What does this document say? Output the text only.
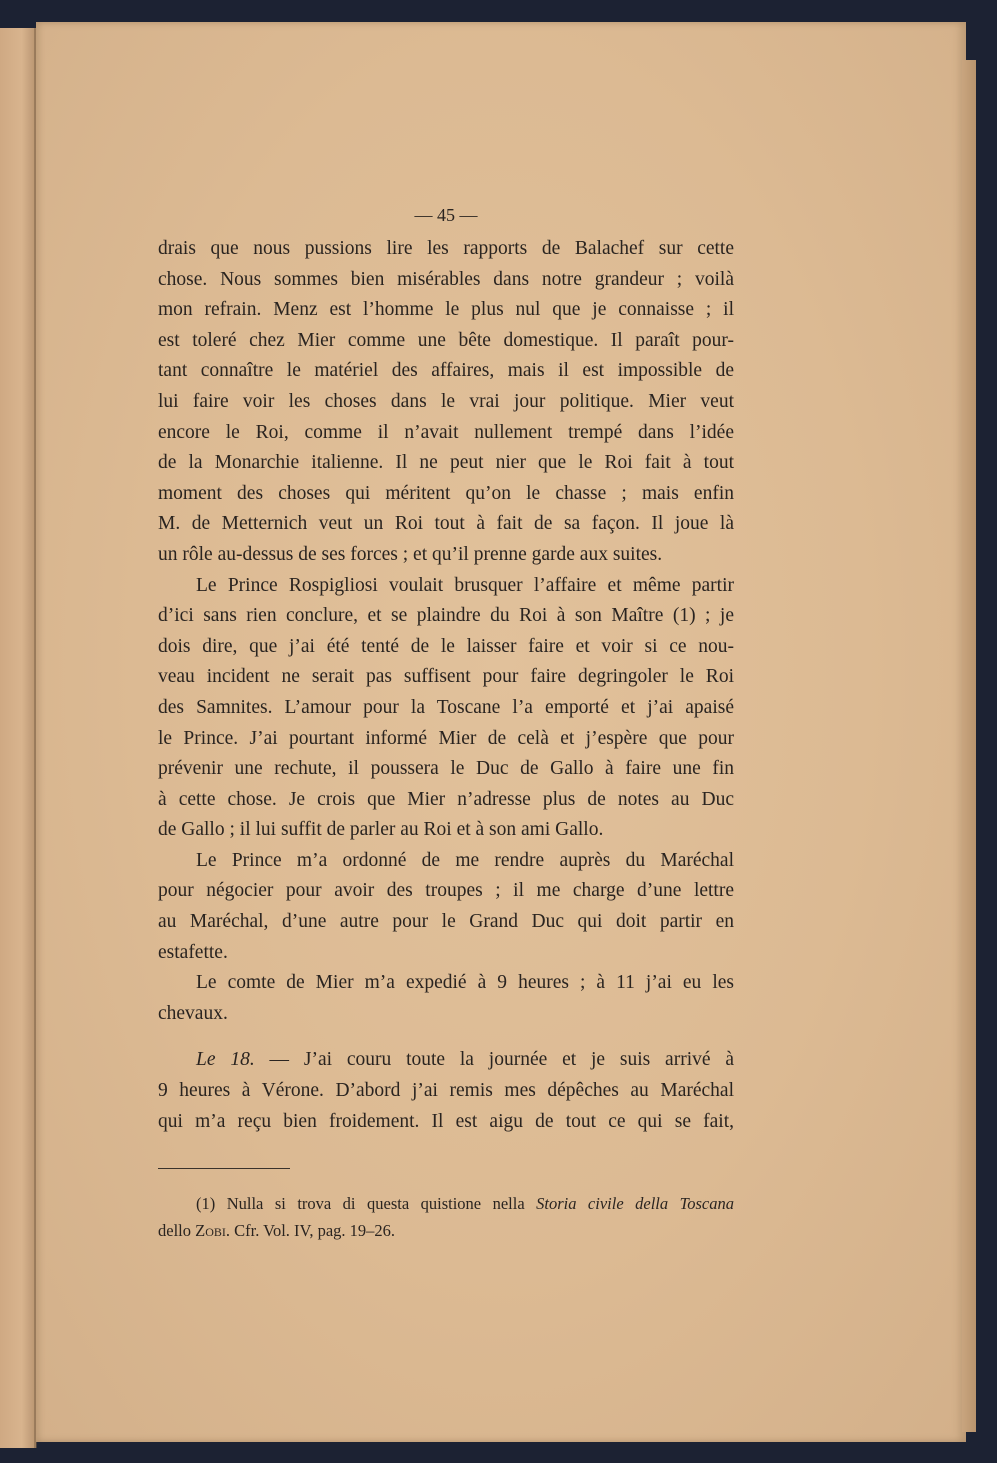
— 45 —

drais que nous pussions lire les rapports de Balachef sur cette
chose. Nous sommes bien misérables dans notre grandeur ; voilà
mon refrain. Menz est l’homme le plus nul que je connaisse ; il
est toleré chez Mier comme une bête domestique. Il paraît pour-
tant connaître le matériel des affaires, mais il est impossible de
lui faire voir les choses dans le vrai jour politique. Mier veut
encore le Roi, comme il n’avait nullement trempé dans l’idée
de la Monarchie italienne. Il ne peut nier que le Roi fait à tout
moment des choses qui méritent qu’on le chasse ; mais enfin
M. de Metternich veut un Roi tout à fait de sa façon. Il joue là
un rôle au-dessus de ses forces ; et qu’il prenne garde aux suites.

Le Prince Rospigliosi voulait brusquer l’affaire et même partir
d’ici sans rien conclure, et se plaindre du Roi à son Maître (1) ; je
dois dire, que j’ai été tenté de le laisser faire et voir si ce nou-
veau incident ne serait pas suffisent pour faire degringoler le Roi
des Samnites. L’amour pour la Toscane l’a emporté et j’ai apaisé
le Prince. J’ai pourtant informé Mier de celà et j’espère que pour
prévenir une rechute, il poussera le Duc de Gallo à faire une fin
à cette chose. Je crois que Mier n’adresse plus de notes au Duc
de Gallo ; il lui suffit de parler au Roi et à son ami Gallo.

Le Prince m’a ordonné de me rendre auprès du Maréchal
pour négocier pour avoir des troupes ; il me charge d’une lettre
au Maréchal, d’une autre pour le Grand Duc qui doit partir en
estafette.

Le comte de Mier m’a expedié à 9 heures ; à 11 j’ai eu les
chevaux.

Le 18. — J’ai couru toute la journée et je suis arrivé à
9 heures à Vérone. D’abord j’ai remis mes dépêches au Maréchal
qui m’a reçu bien froidement. Il est aigu de tout ce qui se fait,

(1) Nulla si trova di questa quistione nella Storia civile della Toscana
dello Zobi. Cfr. Vol. IV, pag. 19–26.
